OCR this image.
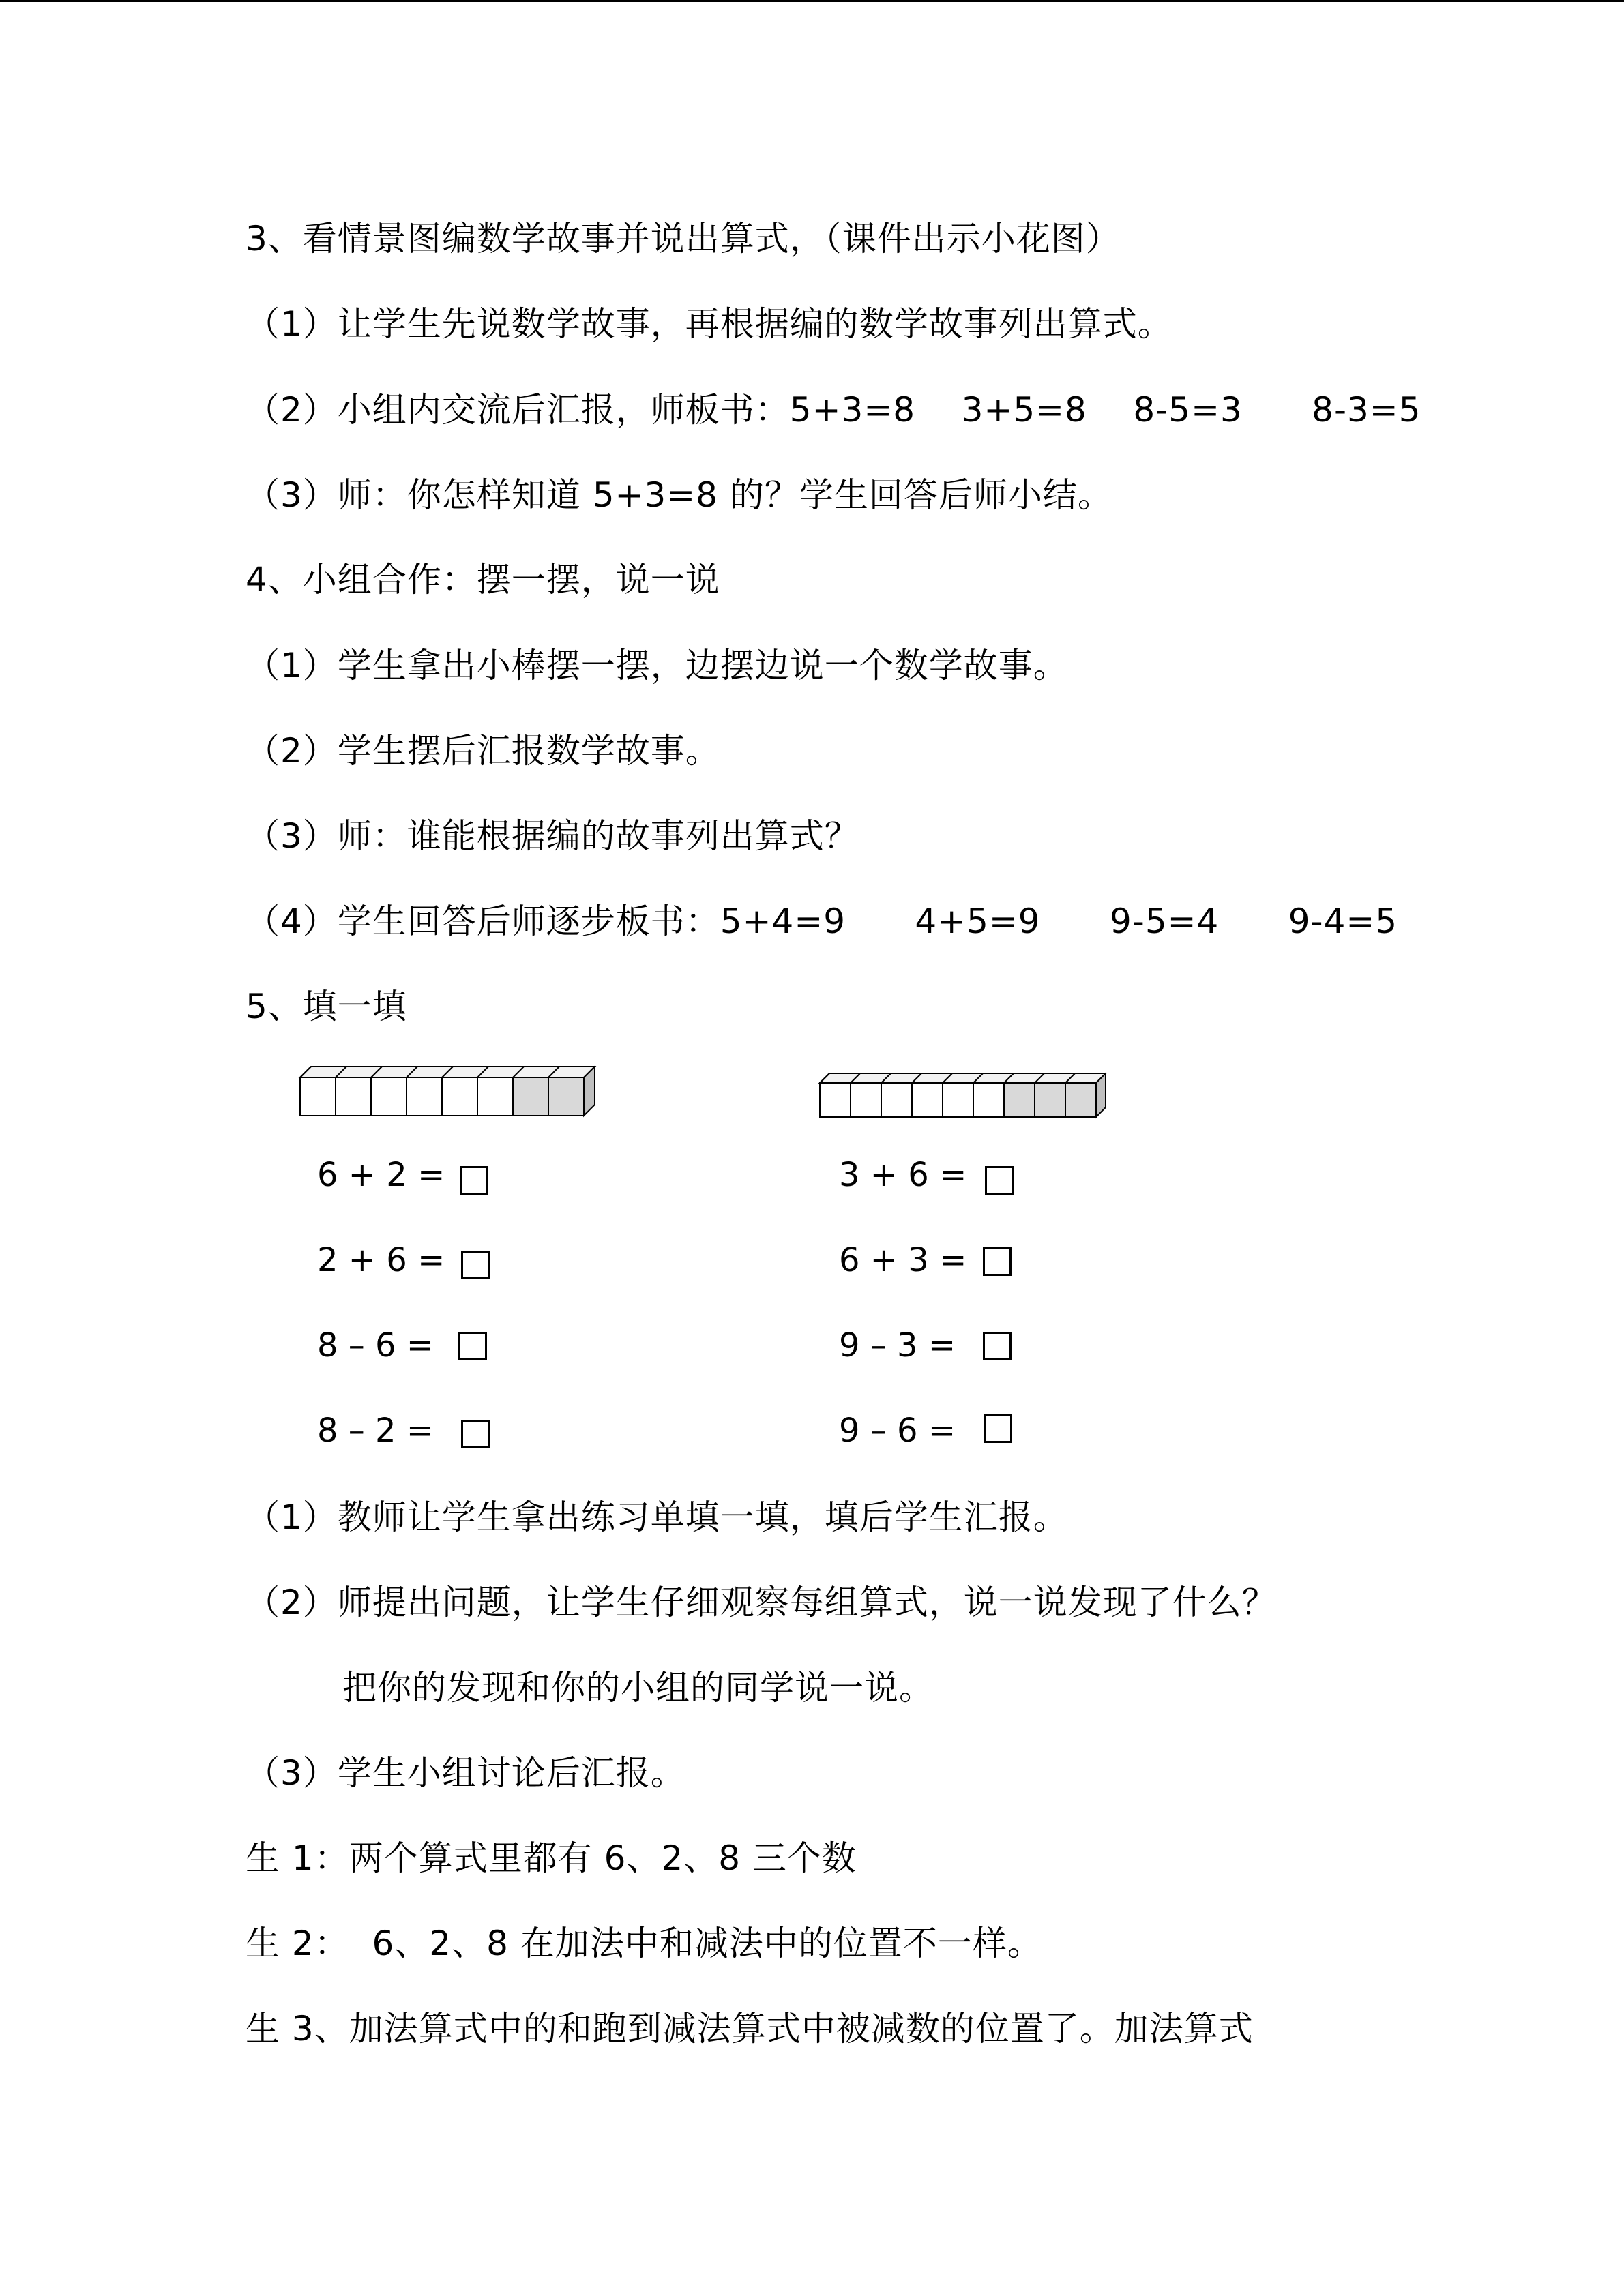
3、看情景图编数学故事并说出算式，（课件出示小花图）
（1）让学生先说数学故事，再根据编的数学故事列出算式。
（2）小组内交流后汇报，师板书：5+3=8    3+5=8    8-5=3      8-3=5
（3）师：你怎样知道 5+3=8 的？学生回答后师小结。
4、小组合作：摆一摆，说一说
（1）学生拿出小棒摆一摆，边摆边说一个数学故事。
（2）学生摆后汇报数学故事。
（3）师：谁能根据编的故事列出算式？
（4）学生回答后师逐步板书：5+4=9      4+5=9      9-5=4      9-4=5
5、填一填
6 + 2 =
2 + 6 =
8 – 6 =
8 – 2 =
3 + 6 =
6 + 3 =
9 – 3 =
9 – 6 =
（1）教师让学生拿出练习单填一填，填后学生汇报。
（2）师提出问题，让学生仔细观察每组算式，说一说发现了什么？
把你的发现和你的小组的同学说一说。
（3）学生小组讨论后汇报。
生 1：两个算式里都有 6、2、8 三个数
生 2：  6、2、8 在加法中和减法中的位置不一样。
生 3、加法算式中的和跑到减法算式中被减数的位置了。加法算式
